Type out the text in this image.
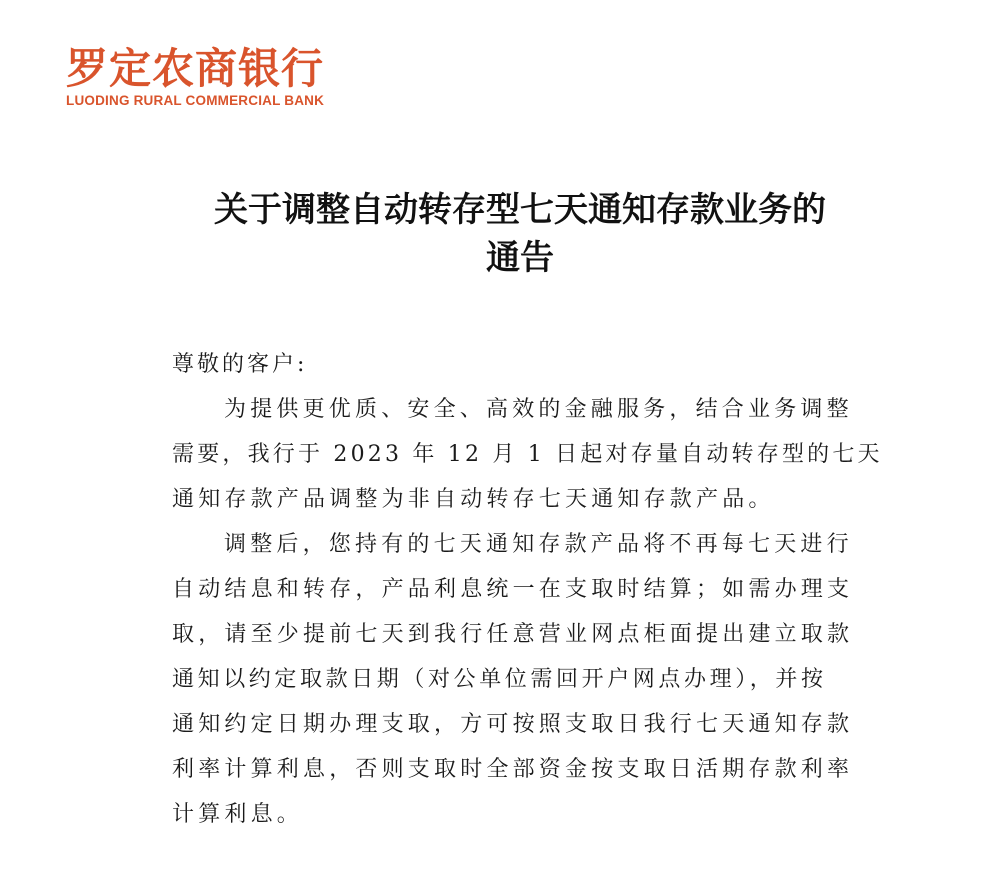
罗定农商银行
LUODING RURAL COMMERCIAL BANK
关于调整自动转存型七天通知存款业务的
通告
尊敬的客户:
为提供更优质、安全、高效的金融服务，结合业务调整
需要，我行于 2023 年 12 月 1 日起对存量自动转存型的七天
通知存款产品调整为非自动转存七天通知存款产品。
调整后，您持有的七天通知存款产品将不再每七天进行
自动结息和转存，产品利息统一在支取时结算；如需办理支
取，请至少提前七天到我行任意营业网点柜面提出建立取款
通知以约定取款日期（对公单位需回开户网点办理），并按
通知约定日期办理支取，方可按照支取日我行七天通知存款
利率计算利息，否则支取时全部资金按支取日活期存款利率
计算利息。
